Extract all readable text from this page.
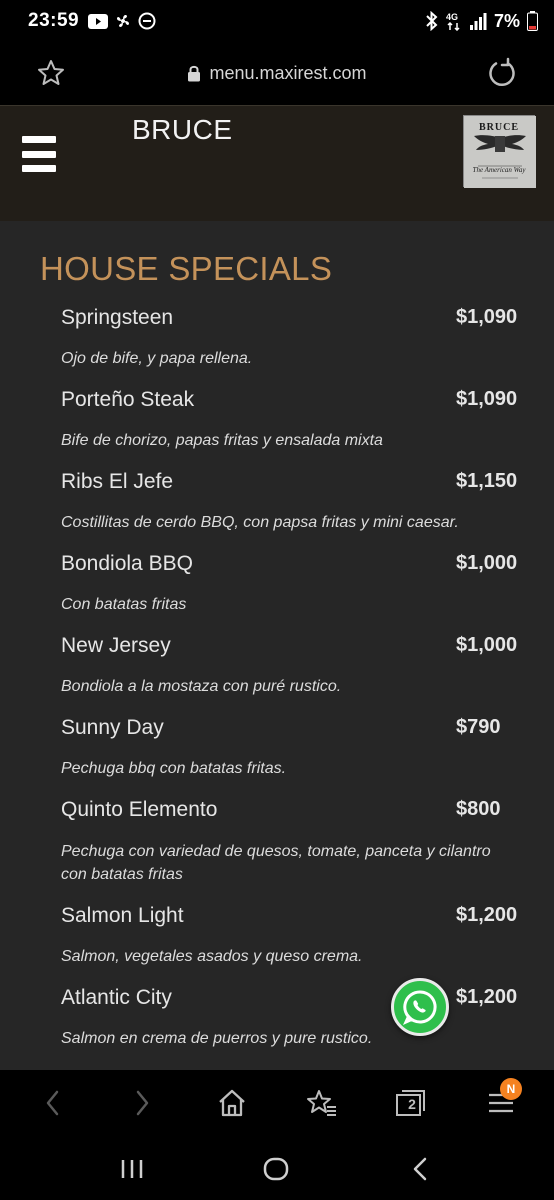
23:59	4G 7%
menu.maxirest.com
BRUCE	BRUCE
The American Way
HOUSE SPECIALS
Springsteen	$1,090
Ojo de bife, y papa rellena.
Porteño Steak	$1,090
Bife de chorizo, papas fritas y ensalada mixta
Ribs El Jefe	$1,150
Costillitas de cerdo BBQ, con papsa fritas y mini caesar.
Bondiola BBQ	$1,000
Con batatas fritas
New Jersey	$1,000
Bondiola a la mostaza con puré rustico.
Sunny Day	$790
Pechuga bbq con batatas fritas.
Quinto Elemento	$800
Pechuga con variedad de quesos, tomate, panceta y cilantro con batatas fritas
Salmon Light	$1,200
Salmon, vegetales asados y queso crema.
Atlantic City	$1,200
Salmon en crema de puerros y pure rustico.
2
N
